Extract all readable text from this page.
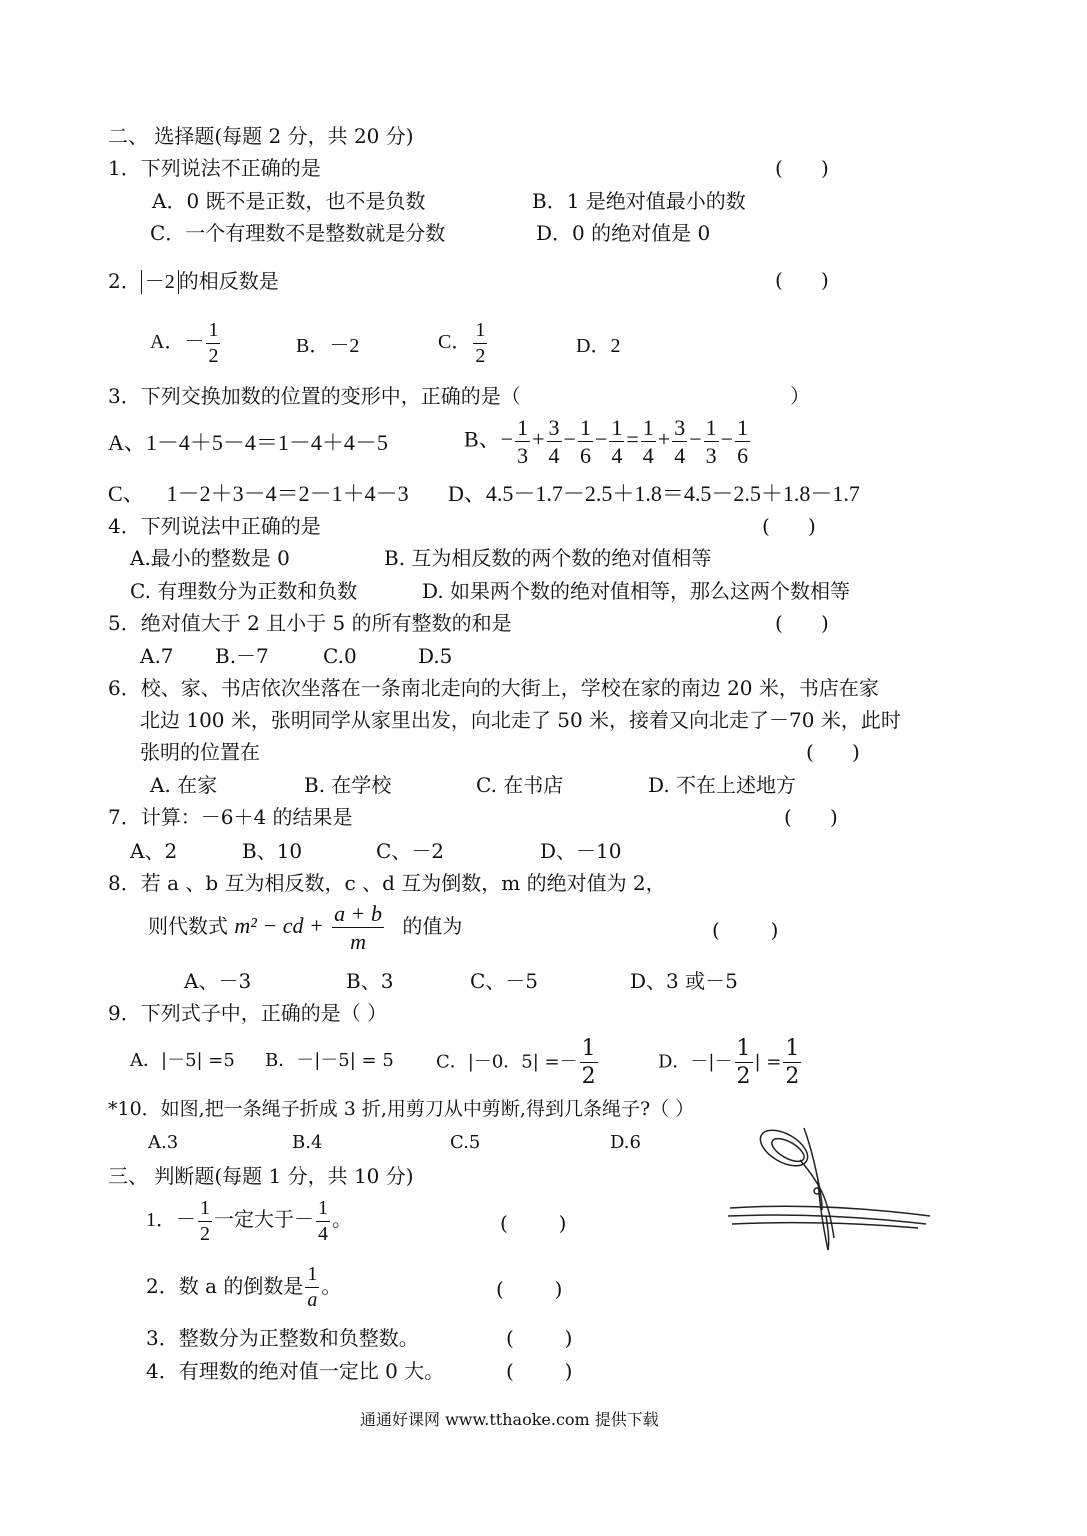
二、 选择题(每题 2 分，共 20 分)
1．下列说法不正确的是	(      )
A．0 既不是正数，也不是负数	B．1 是绝对值最小的数
C．一个有理数不是整数就是分数	D．0 的绝对值是 0
2． －2 的相反数是	(      )
A．－ $\frac{1}{2}$	B．－2	C． $\frac{1}{2}$	D．2
3．下列交换加数的位置的变形中，正确的是（	）
A、1－4＋5－4＝1－4＋4－5	B、− $\frac{1}{3} + \frac{3}{4} - \frac{1}{6} - \frac{1}{4} = \frac{1}{4} + \frac{3}{4} - \frac{1}{3} - \frac{1}{6}$
C、    1－2＋3－4＝2－1＋4－3 D、4.5－1.7－2.5＋1.8＝4.5－2.5＋1.8－1.7
4．下列说法中正确的是	(      )
A.最小的整数是 0	B. 互为相反数的两个数的绝对值相等
C. 有理数分为正数和负数	D. 如果两个数的绝对值相等，那么这两个数相等
5．绝对值大于 2 且小于 5 的所有整数的和是	(      )
A.7 B.－7	C.0	D.5
6．校、家、书店依次坐落在一条南北走向的大街上，学校在家的南边 20 米，书店在家
北边 100 米，张明同学从家里出发，向北走了 50 米，接着又向北走了－70 米，此时
张明的位置在	(      )
A. 在家	B. 在学校	C. 在书店	D. 不在上述地方
7．计算：－6＋4 的结果是	(      )
A、2	B、10	C、－2	D、－10
8．若 a 、b 互为相反数，c 、d 互为倒数，m 的绝对值为 2，
则代数式 m² − cd + $\frac{a + b}{m}$ 的值为	(        )
A、－3	B、3	C、－5	D、3 或－5
9．下列式子中，正确的是（ ）
A．|－5| =5 B．－|－5| = 5 C．|－0．$5| =- \frac{1}{2}$	D．－|－ $\frac{1}{2}$ | = $\frac{1}{2}$
*10．如图,把一条绳子折成 3 折,用剪刀从中剪断,得到几条绳子?（ ）
A.3	B.4	C.5	D.6
三、 判断题(每题 1 分，共 10 分)
1．－ $\frac{1}{2}$ 一定大于－ $\frac{1}{4}$ 。	(        )
2．数 a 的倒数是 $\frac{1}{a}$ 。	(        )
3．整数分为正整数和负整数。	(        )
4．有理数的绝对值一定比 0 大。	(        )
通通好课网 www.tthaoke.com 提供下载
